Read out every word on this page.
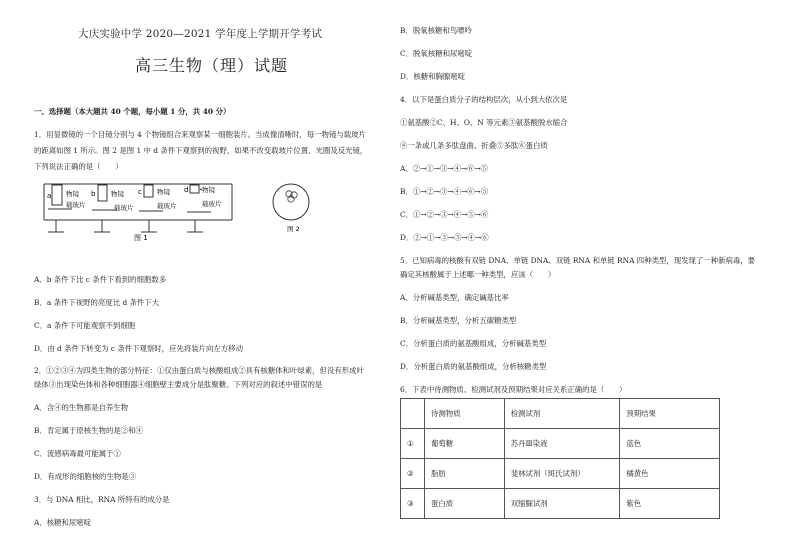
大庆实验中学 2020—2021 学年度上学期开学考试
高三生物（理）试题
一、选择题（本大题共 40 个题，每小题 1 分，共 40 分）
1．用显微镜的一个目镜分别与 4 个物镜组合来观察某一细胞装片。当成像清晰时，每一物镜与载玻片
的距离如图 1 所示。图 2 是图 1 中 d 条件下观察到的视野，如果不改变载玻片位置、光圈及反光镜，
下列说法正确的是（　　）
a	b	c	d
物镜
载玻片
物镜
载玻片
物镜
载玻片
物镜
载玻片
图 1
图 2
A．b 条件下比 c 条件下看到的细胞数多
B．a 条件下视野的亮度比 d 条件下大
C．a 条件下可能观察不到细胞
D．由 d 条件下转变为 c 条件下观察时，应先将装片向左方移动
2．①②③④为四类生物的部分特征：①仅由蛋白质与核酸组成②具有核糖体和叶绿素，但没有形成叶
绿体③出现染色体和各种细胞器④细胞壁主要成分是肽聚糖。下列对应的叙述中错误的是
A．含④的生物都是自养生物
B．肯定属于原核生物的是②和④
C．流感病毒最可能属于①
D．有成形的细胞核的生物是③
3．与 DNA 相比，RNA 所特有的成分是
A．核糖和尿嘧啶
B．脱氧核糖和鸟嘌呤
C．脱氧核糖和尿嘧啶
D．核糖和胸腺嘧啶
4．以下是蛋白质分子的结构层次，从小到大依次是
①氨基酸②C、H、O、N 等元素③氨基酸脱水缩合
④一条或几条多肽盘曲、折叠⑤多肽⑥蛋白质
A．②→①→③→④→⑥→⑤
B．①→②→③→④→⑥→⑤
C．①→②→③→④→⑤→⑥
D．②→①→③→⑤→④→⑥
5．已知病毒的核酸有双链 DNA、单链 DNA、双链 RNA 和单链 RNA 四种类型，现发现了一种新病毒，要
确定其核酸属于上述哪一种类型，应该（　　）
A．分析碱基类型，确定碱基比率
B．分析碱基类型，分析五碳糖类型
C．分析蛋白质的氨基酸组成，分析碱基类型
D．分析蛋白质的氨基酸组成，分析核糖类型
6．下表中待测物质、检测试剂及预期结果对应关系正确的是（　　）
	待测物质	检测试剂	预期结果
①	葡萄糖	苏丹Ⅲ染液	蓝色
②	脂肪	斐林试剂（斑氏试剂）	橘黄色
③	蛋白质	双缩脲试剂	紫色
